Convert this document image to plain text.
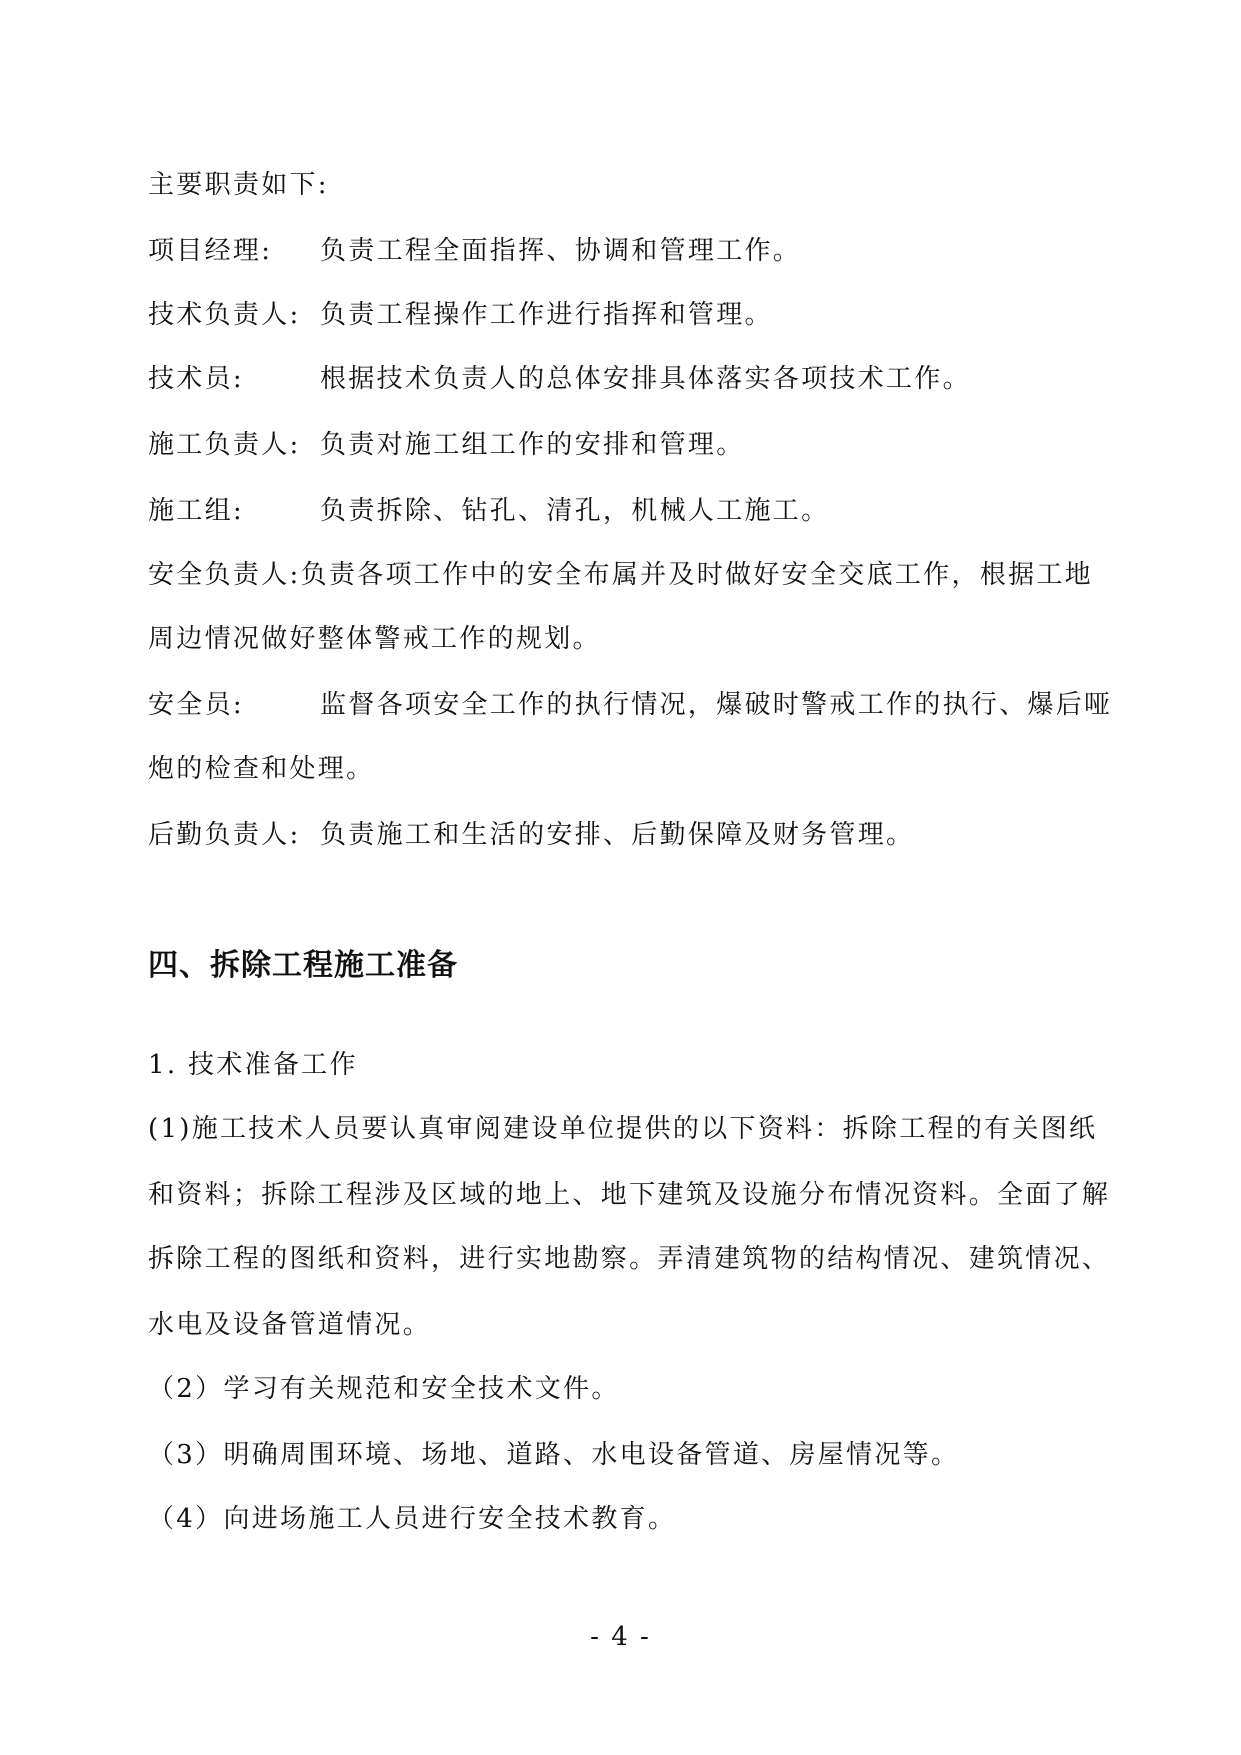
主要职责如下:
项目经理: 负责工程全面指挥、协调和管理工作。
技术负责人: 负责工程操作工作进行指挥和管理。
技术员:	根据技术负责人的总体安排具体落实各项技术工作。
施工负责人: 负责对施工组工作的安排和管理。
施工组:	负责拆除、钻孔、清孔，机械人工施工。
安全负责人:负责各项工作中的安全布属并及时做好安全交底工作，根据工地
周边情况做好整体警戒工作的规划。
安全员:	监督各项安全工作的执行情况，爆破时警戒工作的执行、爆后哑
炮的检查和处理。
后勤负责人: 负责施工和生活的安排、后勤保障及财务管理。
四、拆除工程施工准备
1. 技术准备工作
(1)施工技术人员要认真审阅建设单位提供的以下资料：拆除工程的有关图纸
和资料；拆除工程涉及区域的地上、地下建筑及设施分布情况资料。全面了解
拆除工程的图纸和资料，进行实地勘察。弄清建筑物的结构情况、建筑情况、
水电及设备管道情况。
（2）学习有关规范和安全技术文件。
（3）明确周围环境、场地、道路、水电设备管道、房屋情况等。
（4）向进场施工人员进行安全技术教育。
- 4 -
